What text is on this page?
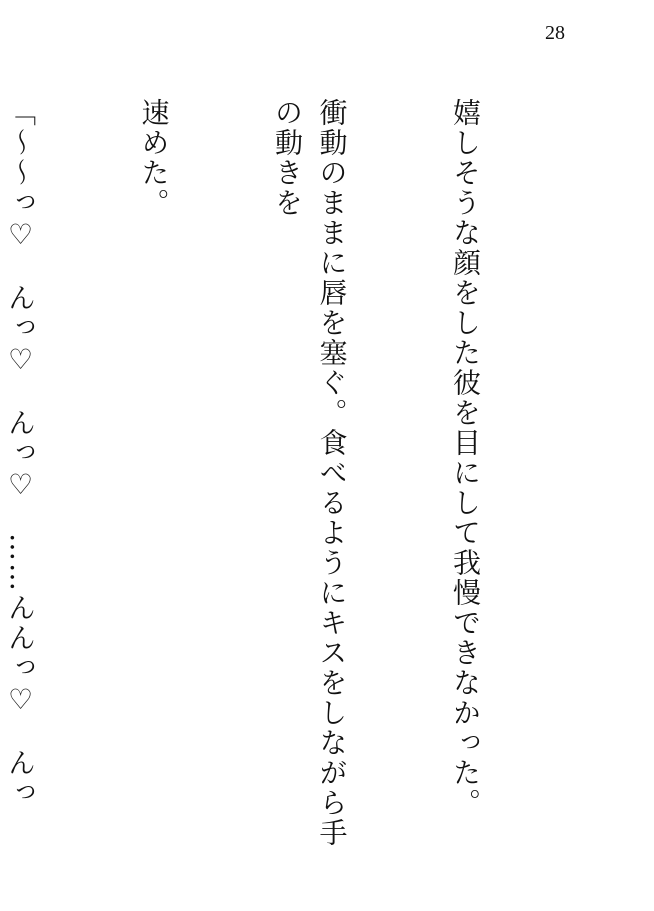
28

嬉しそうな顔をした彼を目にして我慢できなかった。

衝動のままに唇を塞ぐ。食べるようにキスをしながら手の動きを

速めた。

「〜〜っ♡　んっ♡　んっ♡　……んんっ♡　んっ
